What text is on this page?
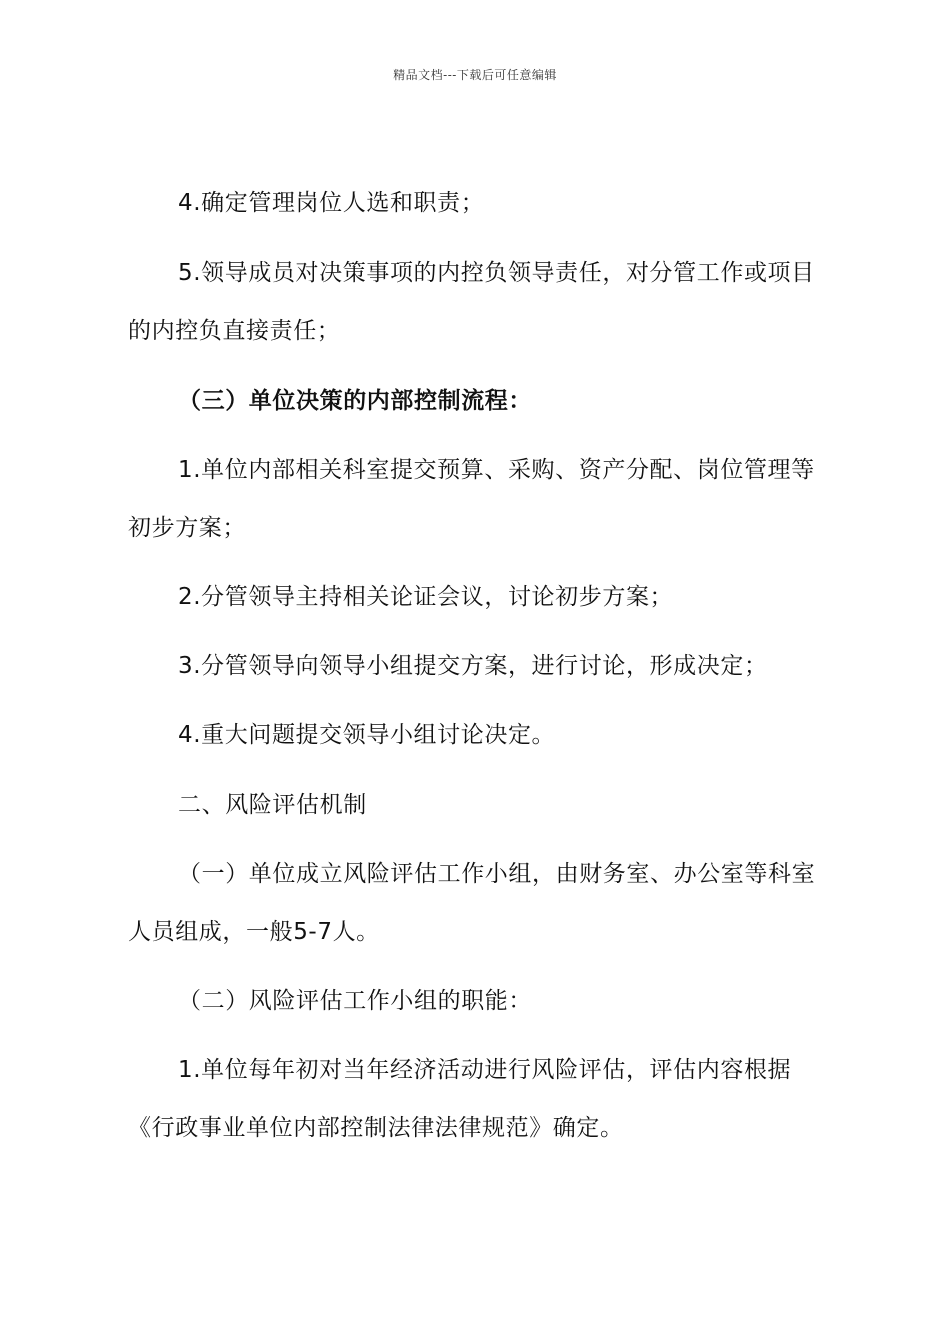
精品文档---下载后可任意编辑

4.确定管理岗位人选和职责；

5.领导成员对决策事项的内控负领导责任，对分管工作或项目的内控负直接责任；

（三）单位决策的内部控制流程：

1.单位内部相关科室提交预算、采购、资产分配、岗位管理等初步方案；

2.分管领导主持相关论证会议，讨论初步方案；

3.分管领导向领导小组提交方案，进行讨论，形成决定；

4.重大问题提交领导小组讨论决定。

二、风险评估机制

（一）单位成立风险评估工作小组，由财务室、办公室等科室人员组成，一般5-7人。

（二）风险评估工作小组的职能：

1.单位每年初对当年经济活动进行风险评估，评估内容根据《行政事业单位内部控制法律法律规范》确定。
